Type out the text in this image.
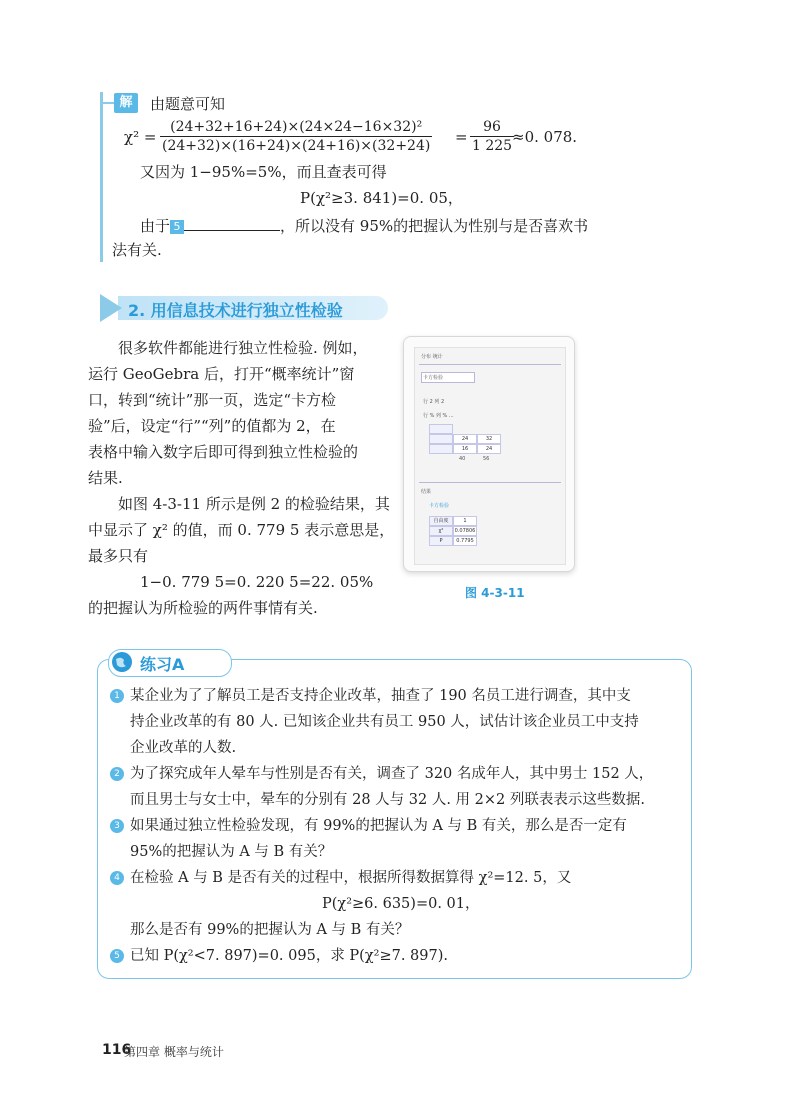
解	由题意可知
$\chi^2 = \frac{\text{(24+32+16+24)×(24×24−16×32)²}}{(24+32)\times(16+24)\times(24+16)\times(32+24)} = \frac{96}{1 225}$
≈0. 078.
又因为 1−95%=5%，而且查表可得
P(χ²≥3. 841)=0. 05，
由于 5	，所以没有 95%的把握认为性别与是否喜欢书
法有关.
2. 用信息技术进行独立性检验
很多软件都能进行独立性检验. 例如，
运行 GeoGebra 后，打开“概率统计”窗
口，转到“统计”那一页，选定“卡方检
验”后，设定“行”“列”的值都为 2，在
表格中输入数字后即可得到独立性检验的
结果.
如图 4-3-11 所示是例 2 的检验结果，其
中显示了 χ² 的值，而 0. 779 5 表示意思是，
最多只有
1−0. 779 5=0. 220 5=22. 05%
的把握认为所检验的两件事情有关.
分布 统计
卡方检验
行 2 列 2
行 % 列 % ...
24	32
16	24
40	56
结果
卡方检验
自由度	1
χ²	0.07806
P	0.7795
图 4-3-11
练习A
1 某企业为了了解员工是否支持企业改革，抽查了 190 名员工进行调查，其中支
持企业改革的有 80 人. 已知该企业共有员工 950 人，试估计该企业员工中支持
企业改革的人数.
2 为了探究成年人晕车与性别是否有关，调查了 320 名成年人，其中男士 152 人，
而且男士与女士中，晕车的分别有 28 人与 32 人. 用 2×2 列联表表示这些数据.
3 如果通过独立性检验发现，有 99%的把握认为 A 与 B 有关，那么是否一定有
95%的把握认为 A 与 B 有关？
4 在检验 A 与 B 是否有关的过程中，根据所得数据算得 χ²=12. 5，又
P(χ²≥6. 635)=0. 01，
那么是否有 99%的把握认为 A 与 B 有关？
5 已知 P(χ²<7. 897)=0. 095，求 P(χ²≥7. 897).
116
第四章 概率与统计
